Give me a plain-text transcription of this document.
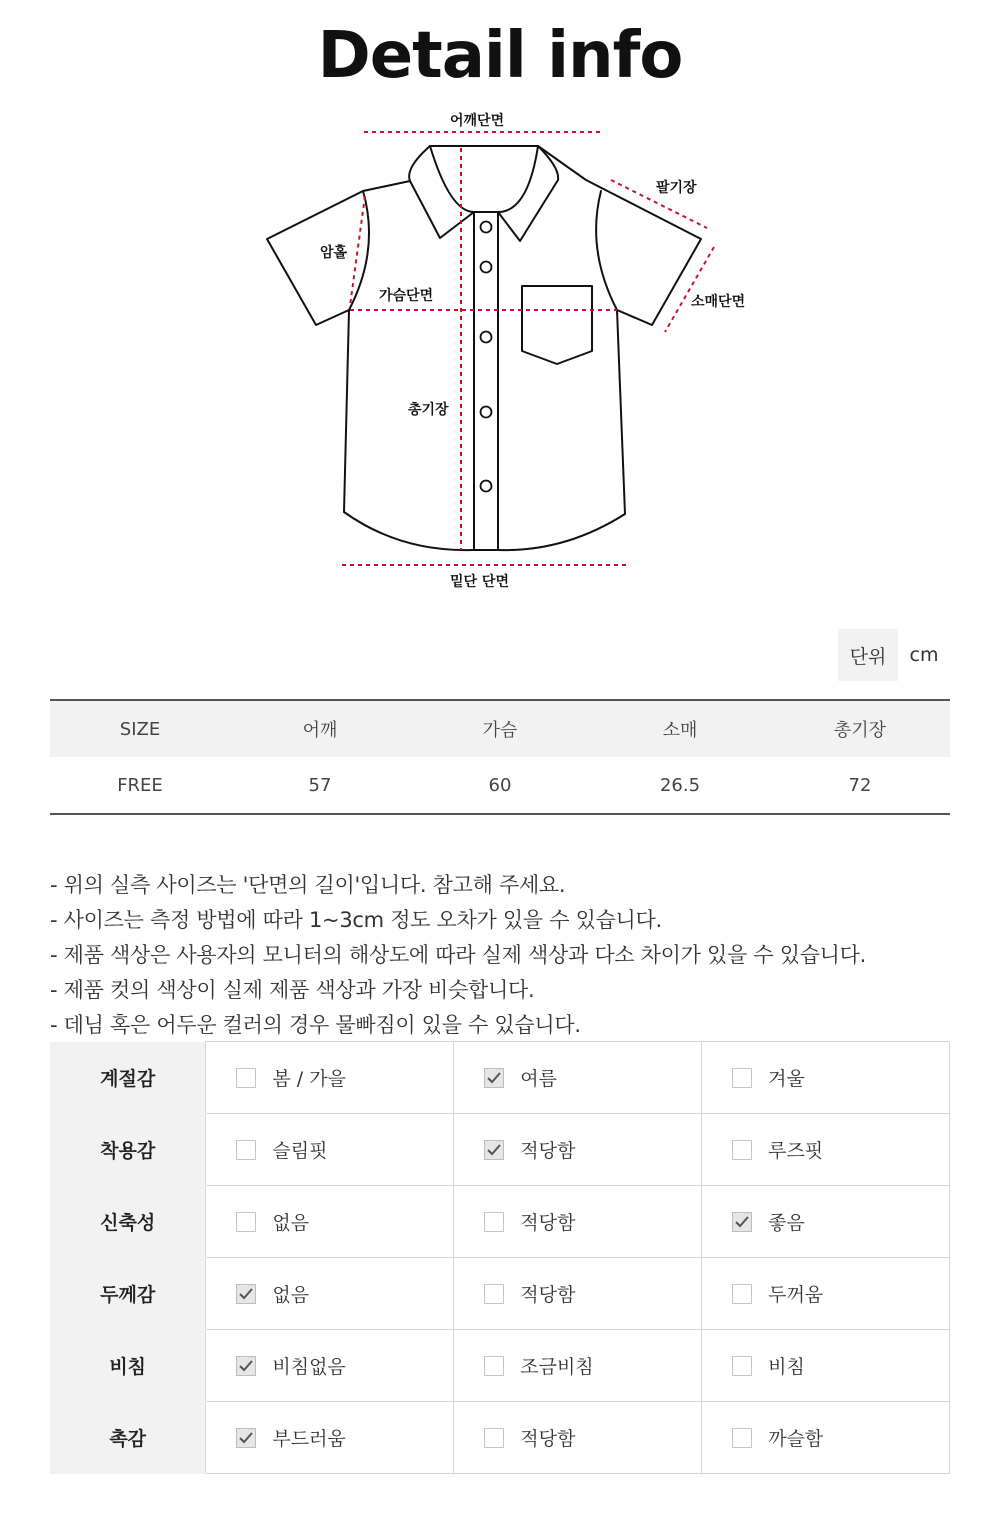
Detail info
어깨단면
팔기장
암홀
가슴단면	소매단면
총기장
밑단 단면
단위	cm
SIZE	어깨	가슴	소매	총기장
FREE	57	60	26.5	72
- 위의 실측 사이즈는 '단면의 길이'입니다. 참고해 주세요.
- 사이즈는 측정 방법에 따라 1~3cm 정도 오차가 있을 수 있습니다.
- 제품 색상은 사용자의 모니터의 해상도에 따라 실제 색상과 다소 차이가 있을 수 있습니다.
- 제품 컷의 색상이 실제 제품 색상과 가장 비슷합니다.
- 데님 혹은 어두운 컬러의 경우 물빠짐이 있을 수 있습니다.
계절감	봄 / 가을	여름	겨울

착용감	슬림핏	적당함	루즈핏

신축성	없음	적당함	좋음

두께감	없음	적당함	두꺼움

비침	비침없음	조금비침	비침

촉감	부드러움	적당함	까슬함
